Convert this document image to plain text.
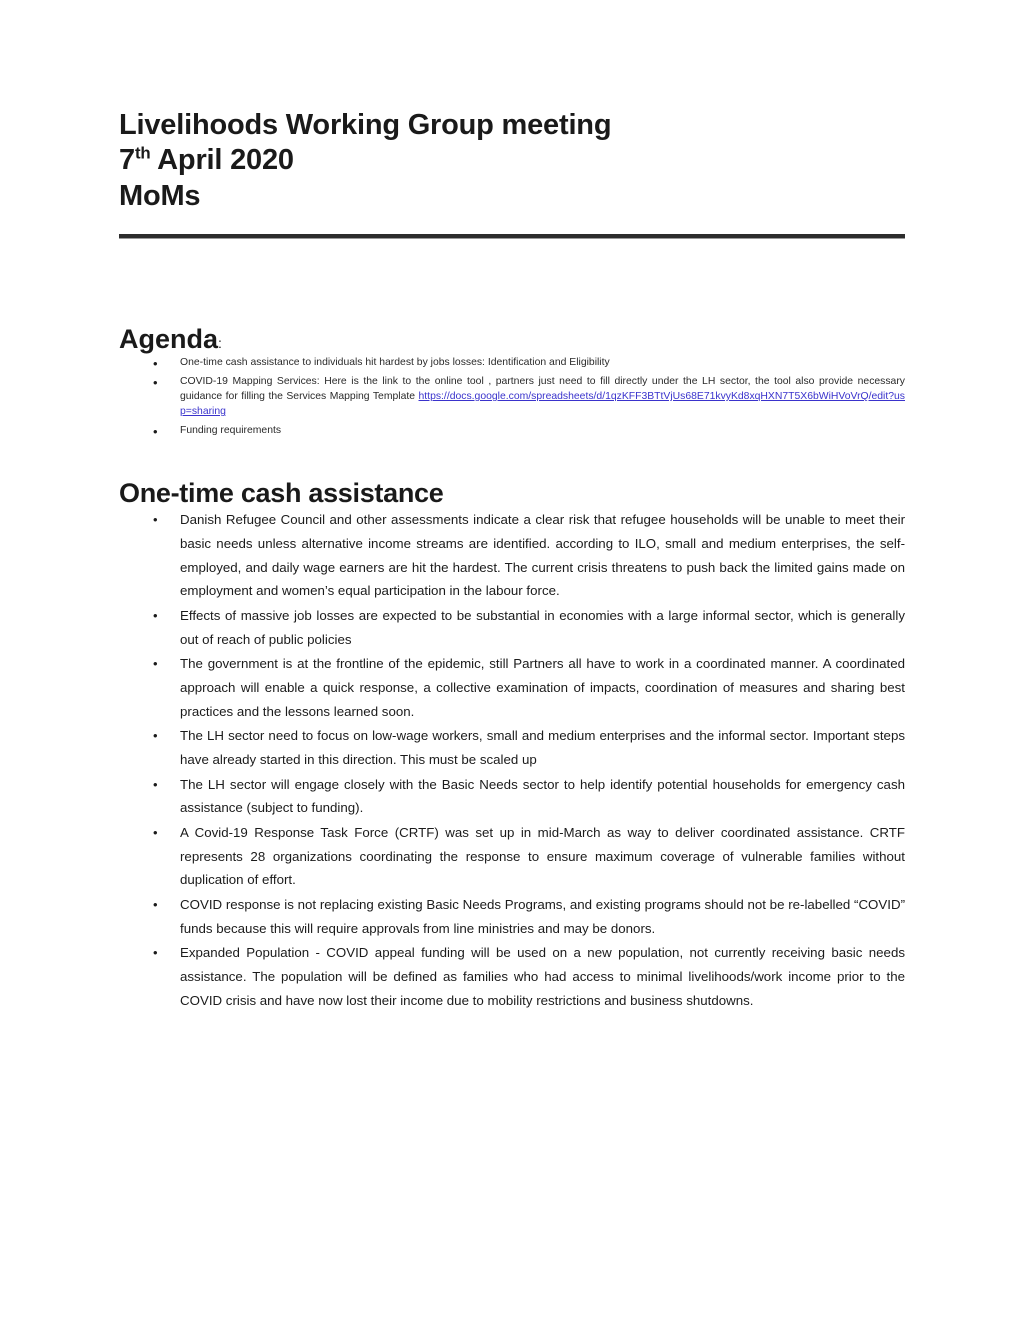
Livelihoods Working Group meeting
7th April 2020
MoMs
Agenda:
• One-time cash assistance to individuals hit hardest by jobs losses: Identification and Eligibility
• COVID-19 Mapping Services: Here is the link to the online tool , partners just need to fill directly under the LH sector, the tool also provide necessary guidance for filling the Services Mapping Template https://docs.google.com/spreadsheets/d/1qzKFF3BTtVjUs68E71kvyKd8xqHXN7T5X6bWiHVoVrQ/edit?usp=sharing
• Funding requirements
One-time cash assistance
• Danish Refugee Council and other assessments indicate a clear risk that refugee households will be unable to meet their basic needs unless alternative income streams are identified. according to ILO, small and medium enterprises, the self-employed, and daily wage earners are hit the hardest. The current crisis threatens to push back the limited gains made on employment and women’s equal participation in the labour force.
• Effects of massive job losses are expected to be substantial in economies with a large informal sector, which is generally out of reach of public policies
• The government is at the frontline of the epidemic, still Partners all have to work in a coordinated manner. A coordinated approach will enable a quick response, a collective examination of impacts, coordination of measures and sharing best practices and the lessons learned soon.
• The LH sector need to focus on low-wage workers, small and medium enterprises and the informal sector. Important steps have already started in this direction. This must be scaled up
• The LH sector will engage closely with the Basic Needs sector to help identify potential households for emergency cash assistance (subject to funding).
• A Covid-19 Response Task Force (CRTF) was set up in mid-March as way to deliver coordinated assistance. CRTF represents 28 organizations coordinating the response to ensure maximum coverage of vulnerable families without duplication of effort.
• COVID response is not replacing existing Basic Needs Programs, and existing programs should not be re-labelled “COVID” funds because this will require approvals from line ministries and may be donors.
• Expanded Population - COVID appeal funding will be used on a new population, not currently receiving basic needs assistance. The population will be defined as families who had access to minimal livelihoods/work income prior to the COVID crisis and have now lost their income due to mobility restrictions and business shutdowns.
